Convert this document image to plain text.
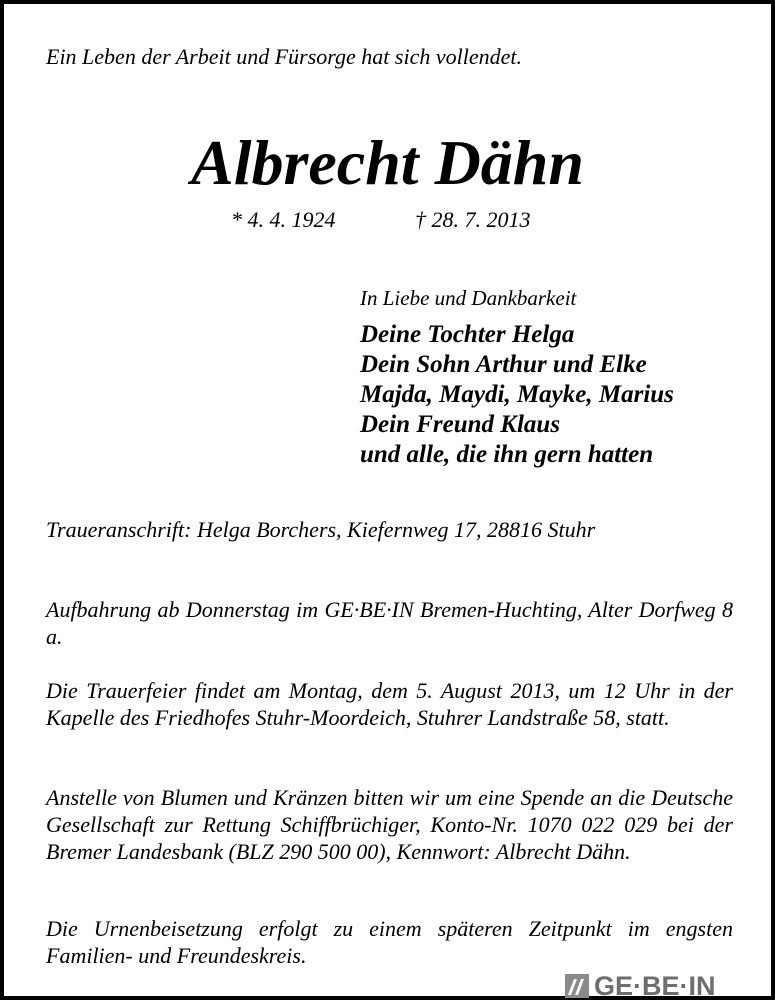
Ein Leben der Arbeit und Fürsorge hat sich vollendet.
Albrecht Dähn
* 4. 4. 1924	† 28. 7. 2013
In Liebe und Dankbarkeit
Deine Tochter Helga
Dein Sohn Arthur und Elke
Majda, Maydi, Mayke, Marius
Dein Freund Klaus
und alle, die ihn gern hatten

Traueranschrift: Helga Borchers, Kiefernweg 17, 28816 Stuhr

Aufbahrung ab Donnerstag im GE·BE·IN Bremen-Huchting, Alter Dorfweg 8 a.

Die Trauerfeier findet am Montag, dem 5. August 2013, um 12 Uhr in der Kapelle des Friedhofes Stuhr-Moordeich, Stuhrer Landstraße 58, statt.

Anstelle von Blumen und Kränzen bitten wir um eine Spende an die Deutsche Gesellschaft zur Rettung Schiffbrüchiger, Konto-Nr. 1070 022 029 bei der Bremer Landesbank (BLZ 290 500 00), Kennwort: Albrecht Dähn.

Die Urnenbeisetzung erfolgt zu einem späteren Zeitpunkt im engsten Familien- und Freundeskreis.

GE·BE·IN
